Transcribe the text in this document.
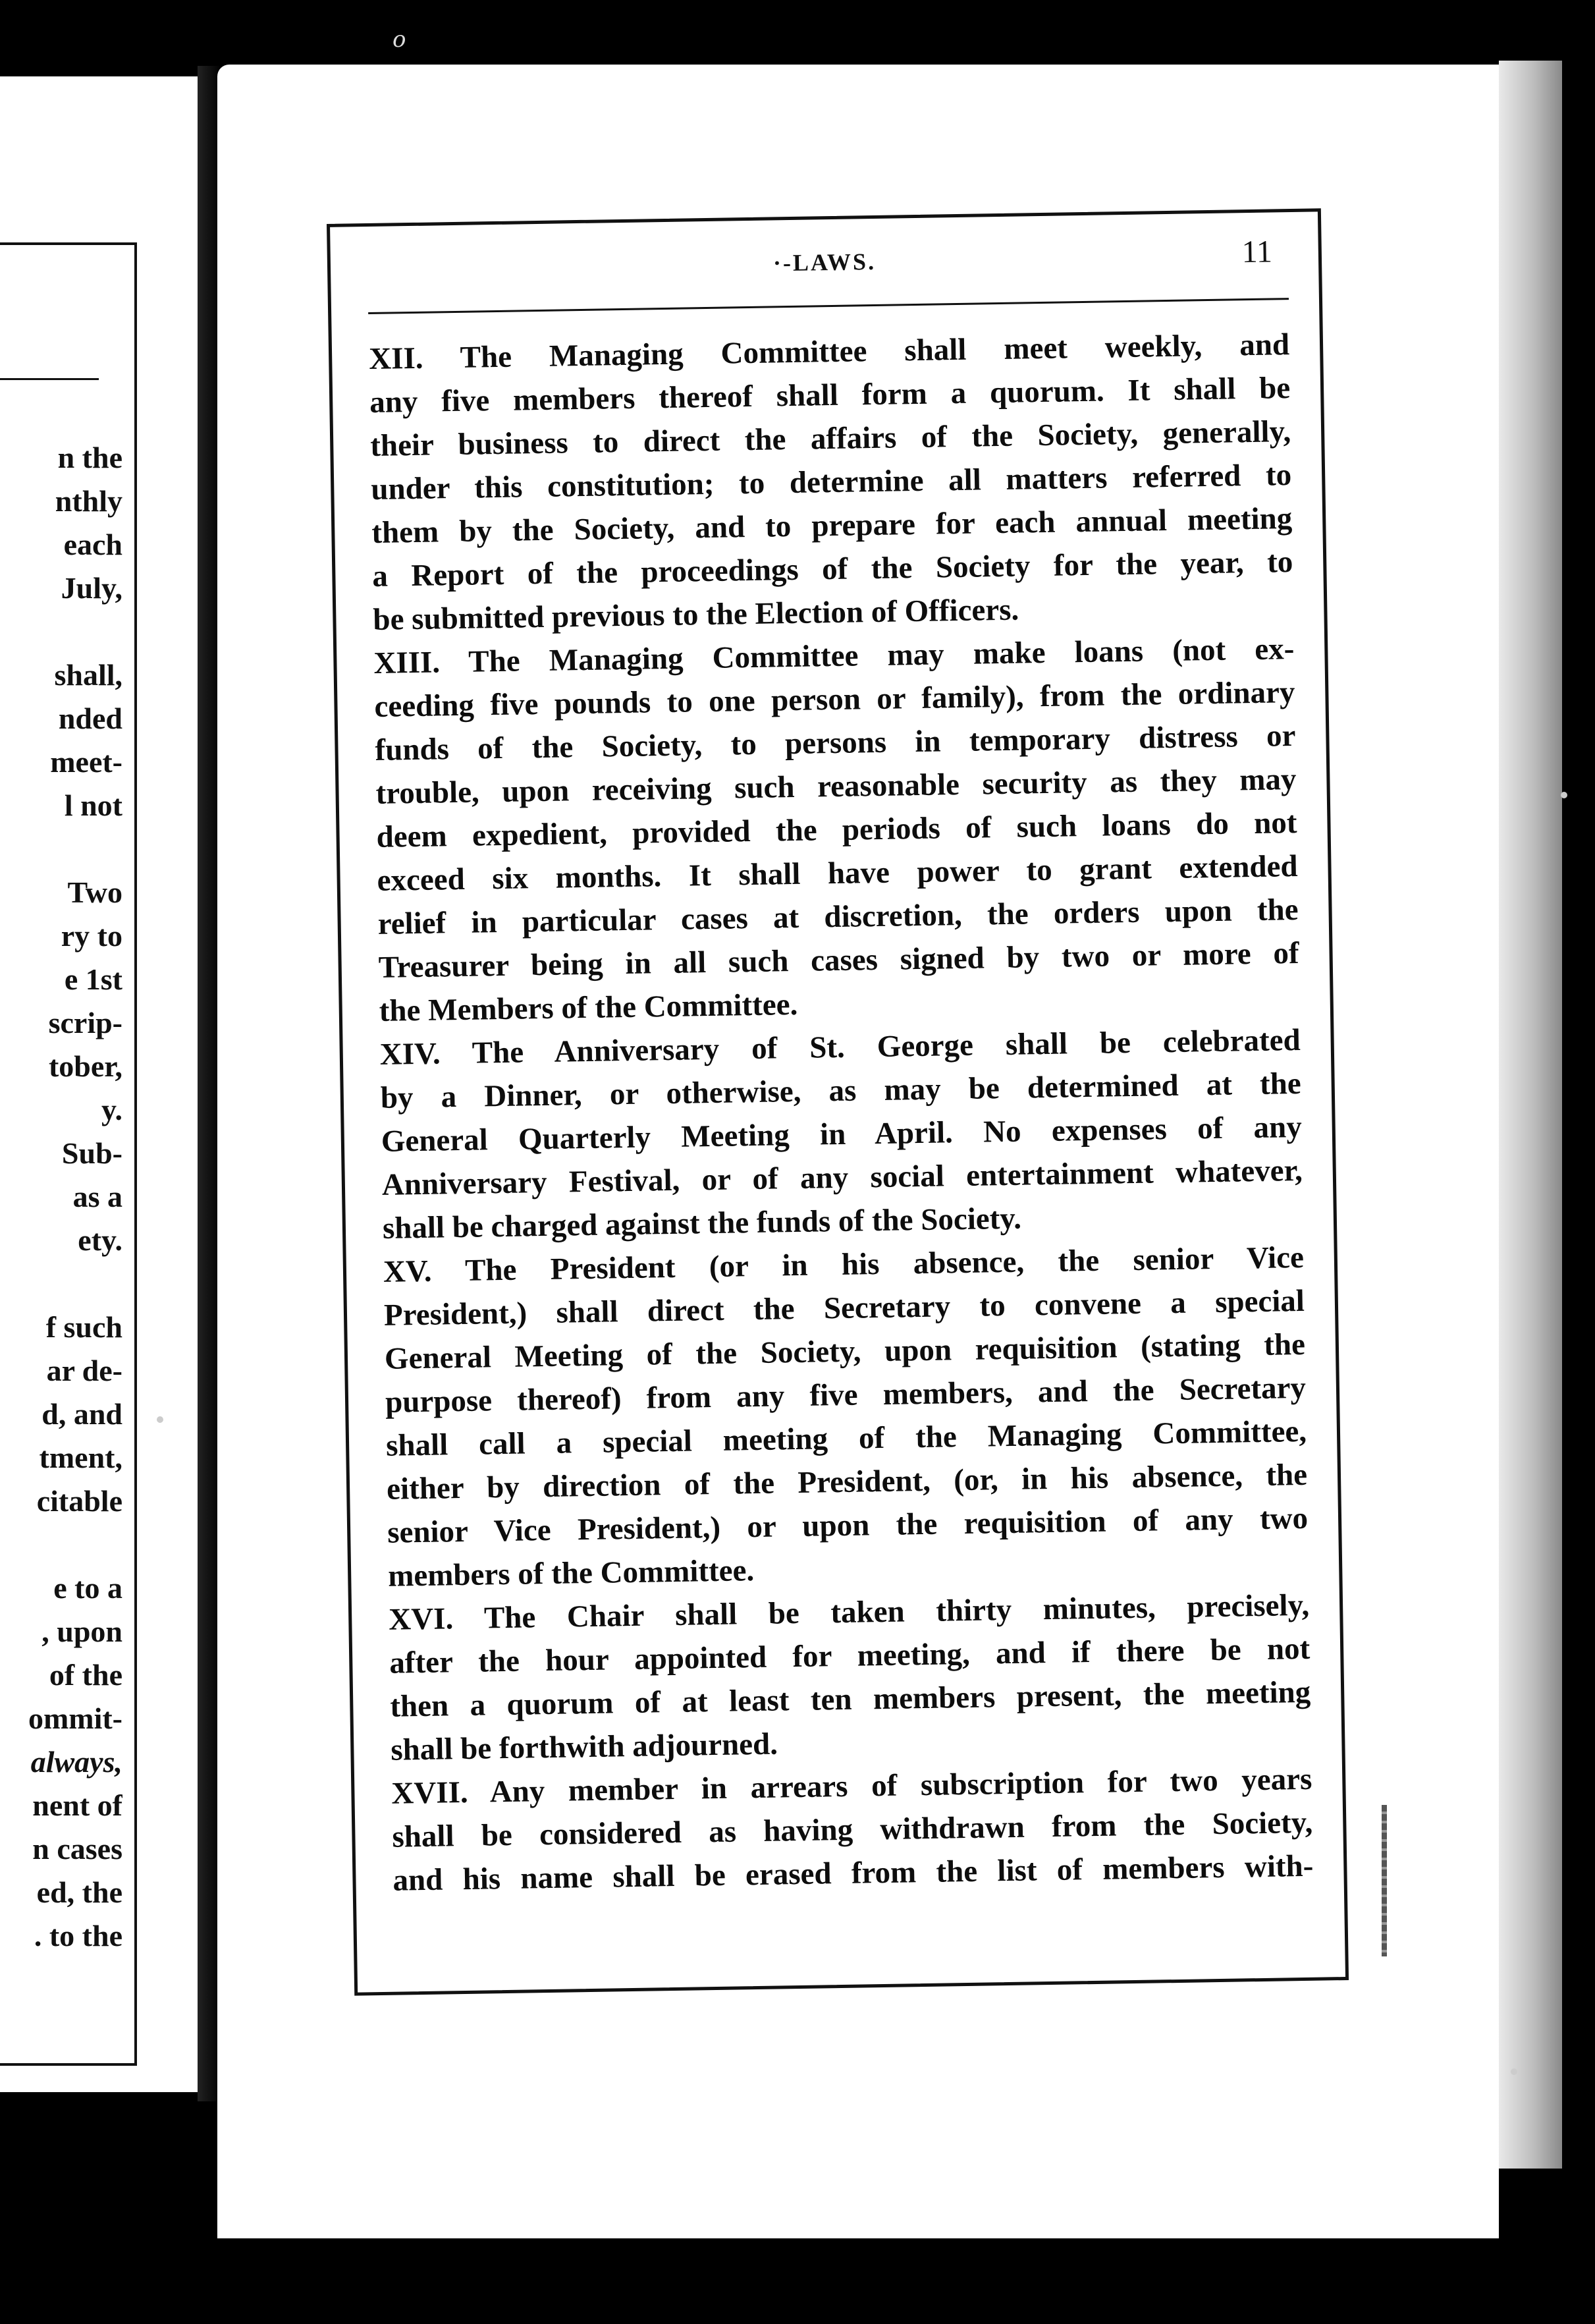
o
n the
nthly
each
July,
shall,
nded
meet-
l not
Two
ry to
e 1st
scrip-
tober,
y.
Sub-
as a
ety.
f such
ar de-
d, and
tment,
citable
e to a
, upon
of the
ommit-
always,
nent of
n cases
ed, the
. to the
·-LAWS.	11
XII. The Managing Committee shall meet weekly, and
any five members thereof shall form a quorum. It shall be
their business to direct the affairs of the Society, generally,
under this constitution; to determine all matters referred to
them by the Society, and to prepare for each annual meeting
a Report of the proceedings of the Society for the year, to
be submitted previous to the Election of Officers.
XIII. The Managing Committee may make loans (not ex-
ceeding five pounds to one person or family), from the ordinary
funds of the Society, to persons in temporary distress or
trouble, upon receiving such reasonable security as they may
deem expedient, provided the periods of such loans do not
exceed six months. It shall have power to grant extended
relief in particular cases at discretion, the orders upon the
Treasurer being in all such cases signed by two or more of
the Members of the Committee.
XIV. The Anniversary of St. George shall be celebrated
by a Dinner, or otherwise, as may be determined at the
General Quarterly Meeting in April. No expenses of any
Anniversary Festival, or of any social entertainment whatever,
shall be charged against the funds of the Society.
XV. The President (or in his absence, the senior Vice
President,) shall direct the Secretary to convene a special
General Meeting of the Society, upon requisition (stating the
purpose thereof) from any five members, and the Secretary
shall call a special meeting of the Managing Committee,
either by direction of the President, (or, in his absence, the
senior Vice President,) or upon the requisition of any two
members of the Committee.
XVI. The Chair shall be taken thirty minutes, precisely,
after the hour appointed for meeting, and if there be not
then a quorum of at least ten members present, the meeting
shall be forthwith adjourned.
XVII. Any member in arrears of subscription for two years
shall be considered as having withdrawn from the Society,
and his name shall be erased from the list of members with-
